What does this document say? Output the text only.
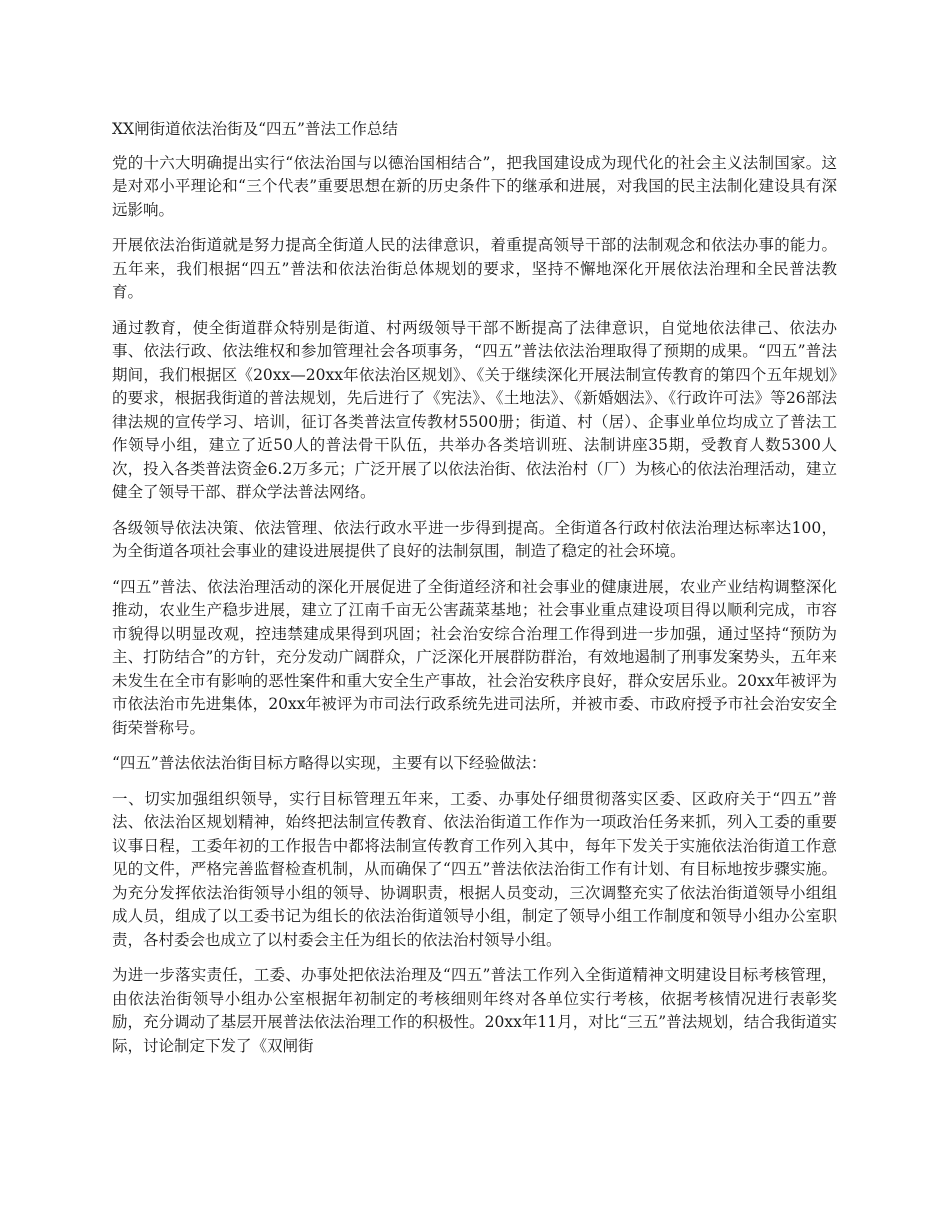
XX闸街道依法治街及“四五”普法工作总结

党的十六大明确提出实行“依法治国与以德治国相结合”，把我国建设成为现代化的社会主义法制国家。这是对邓小平理论和“三个代表”重要思想在新的历史条件下的继承和进展，对我国的民主法制化建设具有深远影响。

开展依法治街道就是努力提高全街道人民的法律意识，着重提高领导干部的法制观念和依法办事的能力。五年来，我们根据“四五”普法和依法治街总体规划的要求，坚持不懈地深化开展依法治理和全民普法教育。

通过教育，使全街道群众特别是街道、村两级领导干部不断提高了法律意识，自觉地依法律己、依法办事、依法行政、依法维权和参加管理社会各项事务，“四五”普法依法治理取得了预期的成果。“四五”普法期间，我们根据区《20xx—20xx年依法治区规划》、《关于继续深化开展法制宣传教育的第四个五年规划》的要求，根据我街道的普法规划，先后进行了《宪法》、《土地法》、《新婚姻法》、《行政许可法》等26部法律法规的宣传学习、培训，征订各类普法宣传教材5500册；街道、村（居）、企事业单位均成立了普法工作领导小组，建立了近50人的普法骨干队伍，共举办各类培训班、法制讲座35期，受教育人数5300人次，投入各类普法资金6.2万多元；广泛开展了以依法治街、依法治村（厂）为核心的依法治理活动，建立健全了领导干部、群众学法普法网络。

各级领导依法决策、依法管理、依法行政水平进一步得到提高。全街道各行政村依法治理达标率达100，为全街道各项社会事业的建设进展提供了良好的法制氛围，制造了稳定的社会环境。

“四五”普法、依法治理活动的深化开展促进了全街道经济和社会事业的健康进展，农业产业结构调整深化推动，农业生产稳步进展，建立了江南千亩无公害蔬菜基地；社会事业重点建设项目得以顺利完成，市容市貌得以明显改观，控违禁建成果得到巩固；社会治安综合治理工作得到进一步加强，通过坚持“预防为主、打防结合”的方针，充分发动广阔群众，广泛深化开展群防群治，有效地遏制了刑事发案势头，五年来未发生在全市有影响的恶性案件和重大安全生产事故，社会治安秩序良好，群众安居乐业。20xx年被评为市依法治市先进集体，20xx年被评为市司法行政系统先进司法所，并被市委、市政府授予市社会治安安全街荣誉称号。

“四五”普法依法治街目标方略得以实现，主要有以下经验做法：

一、切实加强组织领导，实行目标管理五年来，工委、办事处仔细贯彻落实区委、区政府关于“四五”普法、依法治区规划精神，始终把法制宣传教育、依法治街道工作作为一项政治任务来抓，列入工委的重要议事日程，工委年初的工作报告中都将法制宣传教育工作列入其中，每年下发关于实施依法治街道工作意见的文件，严格完善监督检查机制，从而确保了“四五”普法依法治街工作有计划、有目标地按步骤实施。为充分发挥依法治街领导小组的领导、协调职责，根据人员变动，三次调整充实了依法治街道领导小组组成人员，组成了以工委书记为组长的依法治街道领导小组，制定了领导小组工作制度和领导小组办公室职责，各村委会也成立了以村委会主任为组长的依法治村领导小组。

为进一步落实责任，工委、办事处把依法治理及“四五”普法工作列入全街道精神文明建设目标考核管理，由依法治街领导小组办公室根据年初制定的考核细则年终对各单位实行考核，依据考核情况进行表彰奖励，充分调动了基层开展普法依法治理工作的积极性。20xx年11月，对比“三五”普法规划，结合我街道实际，讨论制定下发了《双闸街
